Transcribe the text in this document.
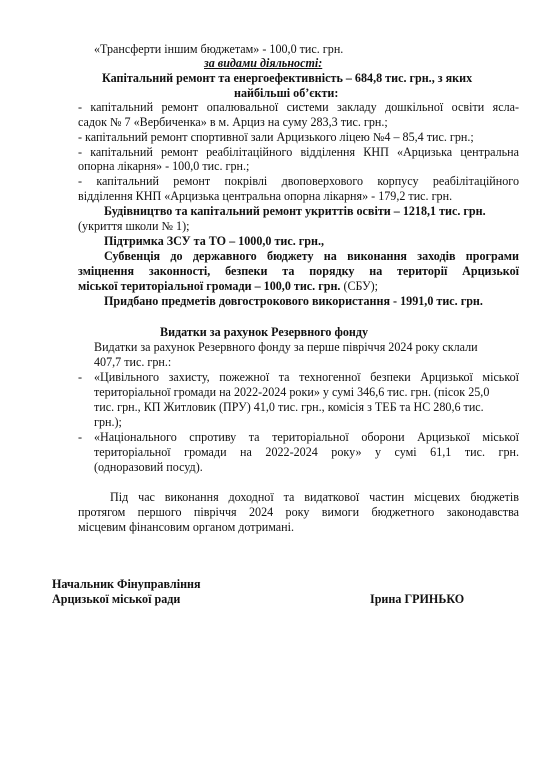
«Трансферти іншим бюджетам» - 100,0 тис. грн.
за видами діяльності:
Капітальний ремонт та енергоефективність – 684,8 тис. грн., з яких
найбільші об’єкти:
- капітальний ремонт опалювальної системи закладу дошкільної освіти ясла-
садок № 7 «Вербиченка» в м. Арциз на суму 283,3 тис. грн.;
- капітальний ремонт спортивної зали Арцизького ліцею №4 – 85,4 тис. грн.;
- капітальний ремонт реабілітаційного відділення КНП «Арцизька центральна
опорна лікарня» - 100,0 тис. грн.;
- капітальний ремонт покрівлі двоповерхового корпусу реабілітаційного
відділення КНП «Арцизька центральна опорна лікарня» - 179,2 тис. грн.
Будівництво та капітальний ремонт укриттів освіти – 1218,1 тис. грн.
(укриття школи № 1);
Підтримка ЗСУ та ТО – 1000,0 тис. грн.,
Субвенція до державного бюджету на виконання заходів програми
зміцнення законності, безпеки та порядку на території Арцизької
міської територіальної громади – 100,0 тис. грн. (СБУ);
Придбано предметів довгострокового використання - 1991,0 тис. грн.
Видатки за рахунок Резервного фонду
Видатки за рахунок Резервного фонду за перше півріччя 2024 року склали
407,7 тис. грн.:
- «Цивільного захисту, пожежної та техногенної безпеки Арцизької міської
територіальної громади на 2022-2024 роки» у сумі 346,6 тис. грн. (пісок 25,0
тис. грн., КП Житловик (ПРУ) 41,0 тис. грн., комісія з ТЕБ та НС 280,6 тис.
грн.);
- «Національного спротиву та територіальної оборони Арцизької міської
територіальної громади на 2022-2024 року» у сумі 61,1 тис. грн.
(одноразовий посуд).
Під час виконання доходної та видаткової частин місцевих бюджетів
протягом першого півріччя 2024 року вимоги бюджетного законодавства
місцевим фінансовим органом дотримані.
Начальник Фінуправління
Арцизької міської ради	Ірина ГРИНЬКО
